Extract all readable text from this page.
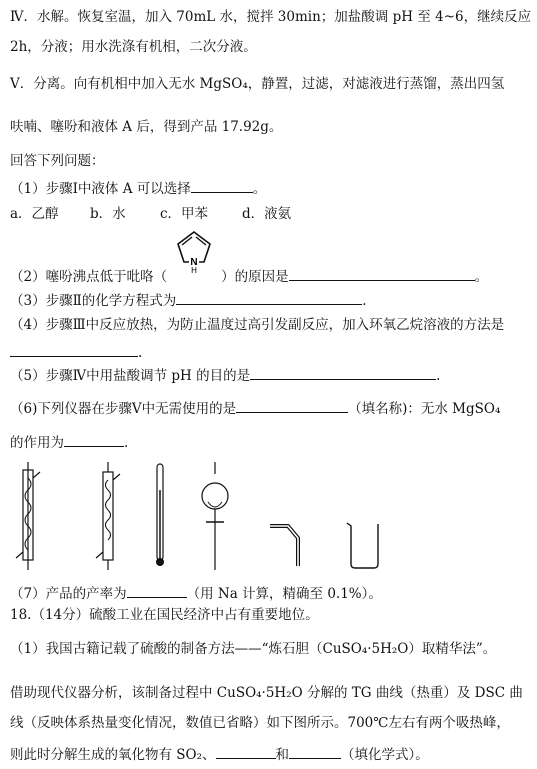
Ⅳ．水解。恢复室温，加入 70mL 水，搅拌 30min；加盐酸调 pH 至 4~6，继续反应
2h，分液；用水洗涤有机相，二次分液。
Ⅴ．分离。向有机相中加入无水 MgSO₄，静置，过滤，对滤液进行蒸馏，蒸出四氢
呋喃、噻吩和液体 A 后，得到产品 17.92g。
回答下列问题：
（1）步骤Ⅰ中液体 A 可以选择	。
a．乙醇 b．水	c．甲苯	d．液氨
N
H
（2）噻吩沸点低于吡咯（	）的原因是	。
（3）步骤Ⅱ的化学方程式为	.
（4）步骤Ⅲ中反应放热，为防止温度过高引发副反应，加入环氧乙烷溶液的方法是
.
（5）步骤Ⅳ中用盐酸调节 pH 的目的是	.
（6)下列仪器在步骤Ⅴ中无需使用的是	（填名称)：无水 MgSO₄
的作用为	.
（7）产品的产率为	（用 Na 计算，精确至 0.1%）。
18.（14分）硫酸工业在国民经济中占有重要地位。
（1）我国古籍记载了硫酸的制备方法——“炼石胆（CuSO₄·5H₂O）取精华法”。
借助现代仪器分析，该制备过程中 CuSO₄·5H₂O 分解的 TG 曲线（热重）及 DSC 曲
线（反映体系热量变化情况，数值已省略）如下图所示。700℃左右有两个吸热峰，
则此时分解生成的氧化物有 SO₂、	和	（填化学式）。
